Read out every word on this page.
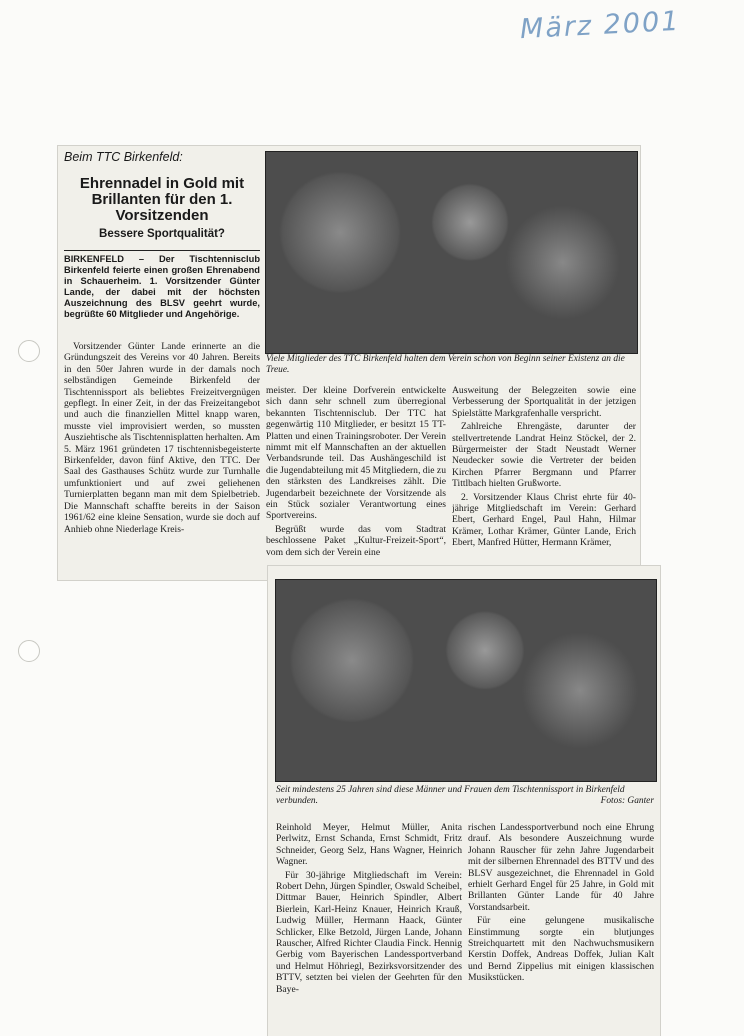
März 2001
Beim TTC Birkenfeld:
Ehrennadel in Gold mit Brillanten für den 1. Vorsitzenden
Bessere Sportqualität?
BIRKENFELD – Der Tischtennisclub Birkenfeld feierte einen großen Ehrenabend in Schauerheim. 1. Vorsitzender Günter Lande, der dabei mit der höchsten Auszeichnung des BLSV geehrt wurde, begrüßte 60 Mitglieder und Angehörige.
Viele Mitglieder des TTC Birkenfeld halten dem Verein schon von Beginn seiner Existenz an die Treue.

Vorsitzender Günter Lande erinnerte an die Gründungszeit des Vereins vor 40 Jahren. Bereits in den 50er Jahren wurde in der damals noch selbständigen Gemeinde Birkenfeld der Tischtennissport als beliebtes Freizeitvergnügen gepflegt. In einer Zeit, in der das Freizeitangebot und auch die finanziellen Mittel knapp waren, musste viel improvisiert werden, so mussten Ausziehtische als Tischtennisplatten herhalten. Am 5. März 1961 gründeten 17 tischtennisbegeisterte Birkenfelder, davon fünf Aktive, den TTC. Der Saal des Gasthauses Schütz wurde zur Turnhalle umfunktioniert und auf zwei geliehenen Turnierplatten begann man mit dem Spielbetrieb. Die Mannschaft schaffte bereits in der Saison 1961/62 eine kleine Sensation, wurde sie doch auf Anhieb ohne Niederlage Kreis-

meister. Der kleine Dorfverein entwickelte sich dann sehr schnell zum überregional bekannten Tischtennisclub. Der TTC hat gegenwärtig 110 Mitglieder, er besitzt 15 TT-Platten und einen Trainingsroboter. Der Verein nimmt mit elf Mannschaften an der aktuellen Verbandsrunde teil. Das Aushängeschild ist die Jugendabteilung mit 45 Mitgliedern, die zu den stärksten des Landkreises zählt. Die Jugendarbeit bezeichnete der Vorsitzende als ein Stück sozialer Verantwortung eines Sportvereins.

Begrüßt wurde das vom Stadtrat beschlossene Paket „Kultur-Freizeit-Sport“, vom dem sich der Verein eine

Ausweitung der Belegzeiten sowie eine Verbesserung der Sportqualität in der jetzigen Spielstätte Markgrafenhalle verspricht.

Zahlreiche Ehrengäste, darunter der stellvertretende Landrat Heinz Stöckel, der 2. Bürgermeister der Stadt Neustadt Werner Neudecker sowie die Vertreter der beiden Kirchen Pfarrer Bergmann und Pfarrer Tittlbach hielten Grußworte.

2. Vorsitzender Klaus Christ ehrte für 40-jährige Mitgliedschaft im Verein: Gerhard Ebert, Gerhard Engel, Paul Hahn, Hilmar Krämer, Lothar Krämer, Günter Lande, Erich Ebert, Manfred Hütter, Hermann Krämer,

Seit mindestens 25 Jahren sind diese Männer und Frauen dem Tischtennissport in Birkenfeld verbunden.	Fotos: Ganter

Reinhold Meyer, Helmut Müller, Anita Perlwitz, Ernst Schanda, Ernst Schmidt, Fritz Schneider, Georg Selz, Hans Wagner, Heinrich Wagner.

Für 30-jährige Mitgliedschaft im Verein: Robert Dehn, Jürgen Spindler, Oswald Scheibel, Dittmar Bauer, Heinrich Spindler, Albert Bierlein, Karl-Heinz Knauer, Heinrich Krauß, Ludwig Müller, Hermann Haack, Günter Schlicker, Elke Betzold, Jürgen Lande, Johann Rauscher, Alfred Richter Claudia Finck. Hennig Gerbig vom Bayerischen Landessportverband und Helmut Höhriegl, Bezirksvorsitzender des BTTV, setzten bei vielen der Geehrten für den Baye-

rischen Landessportverbund noch eine Ehrung drauf. Als besondere Auszeichnung wurde Johann Rauscher für zehn Jahre Jugendarbeit mit der silbernen Ehrennadel des BTTV und des BLSV ausgezeichnet, die Ehrennadel in Gold erhielt Gerhard Engel für 25 Jahre, in Gold mit Brillanten Günter Lande für 40 Jahre Vorstandsarbeit.

Für eine gelungene musikalische Einstimmung sorgte ein blutjunges Streichquartett mit den Nachwuchsmusikern Kerstin Doffek, Andreas Doffek, Julian Kalt und Bernd Zippelius mit einigen klassischen Musikstücken.
